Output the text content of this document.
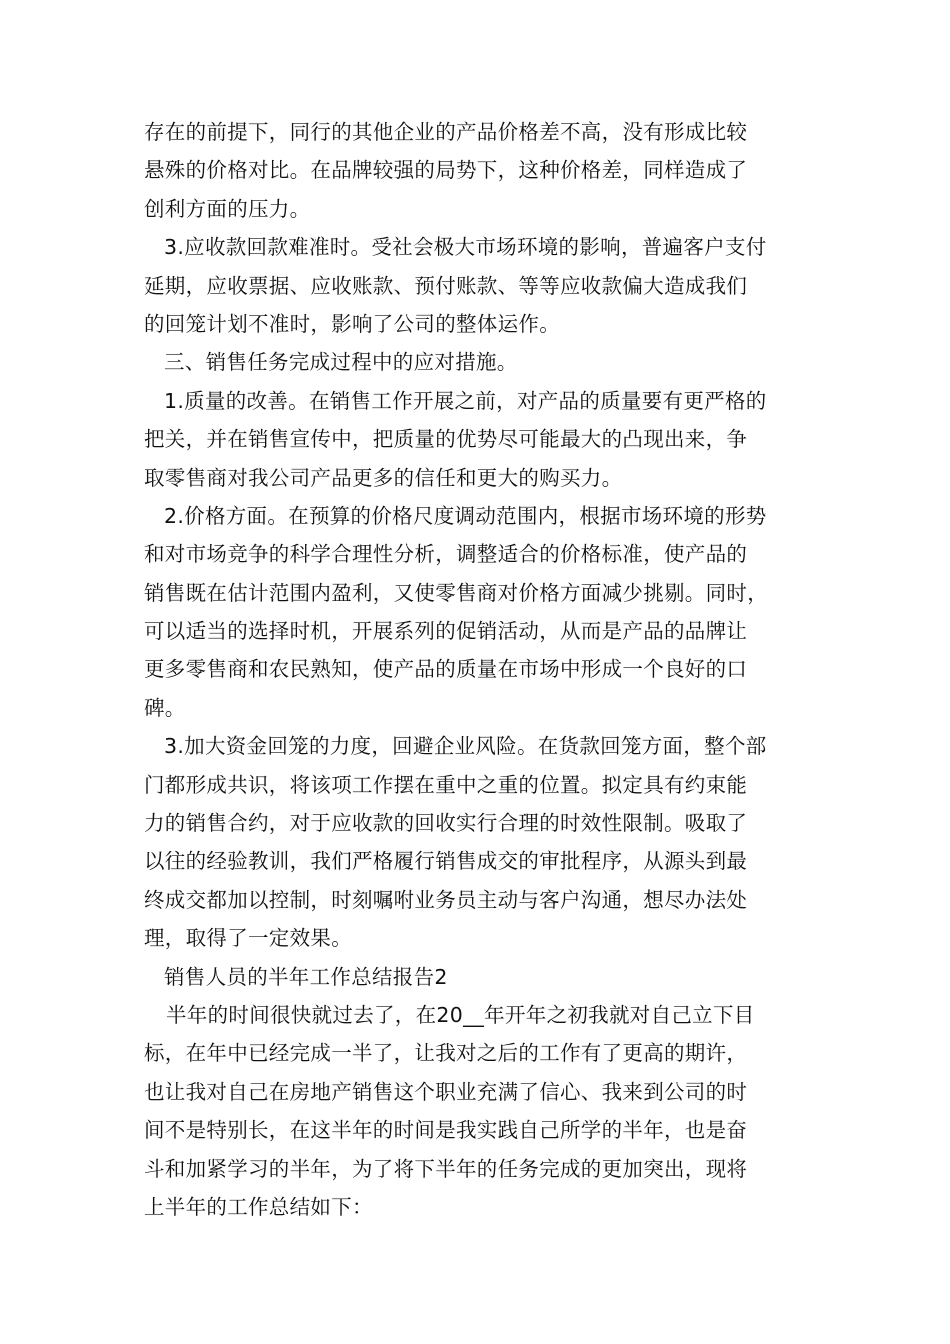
存在的前提下，同行的其他企业的产品价格差不高，没有形成比较
悬殊的价格对比。在品牌较强的局势下，这种价格差，同样造成了
创利方面的压力。
3.应收款回款难准时。受社会极大市场环境的影响，普遍客户支付
延期，应收票据、应收账款、预付账款、等等应收款偏大造成我们
的回笼计划不准时，影响了公司的整体运作。
三、销售任务完成过程中的应对措施。
1.质量的改善。在销售工作开展之前，对产品的质量要有更严格的
把关，并在销售宣传中，把质量的优势尽可能最大的凸现出来，争
取零售商对我公司产品更多的信任和更大的购买力。
2.价格方面。在预算的价格尺度调动范围内，根据市场环境的形势
和对市场竞争的科学合理性分析，调整适合的价格标准，使产品的
销售既在估计范围内盈利，又使零售商对价格方面减少挑剔。同时，
可以适当的选择时机，开展系列的促销活动，从而是产品的品牌让
更多零售商和农民熟知，使产品的质量在市场中形成一个良好的口
碑。
3.加大资金回笼的力度，回避企业风险。在货款回笼方面，整个部
门都形成共识，将该项工作摆在重中之重的位置。拟定具有约束能
力的销售合约，对于应收款的回收实行合理的时效性限制。吸取了
以往的经验教训，我们严格履行销售成交的审批程序，从源头到最
终成交都加以控制，时刻嘱咐业务员主动与客户沟通，想尽办法处
理，取得了一定效果。
销售人员的半年工作总结报告2
半年的时间很快就过去了，在20__年开年之初我就对自己立下目
标，在年中已经完成一半了，让我对之后的工作有了更高的期许，
也让我对自己在房地产销售这个职业充满了信心、我来到公司的时
间不是特别长，在这半年的时间是我实践自己所学的半年，也是奋
斗和加紧学习的半年，为了将下半年的任务完成的更加突出，现将
上半年的工作总结如下：
